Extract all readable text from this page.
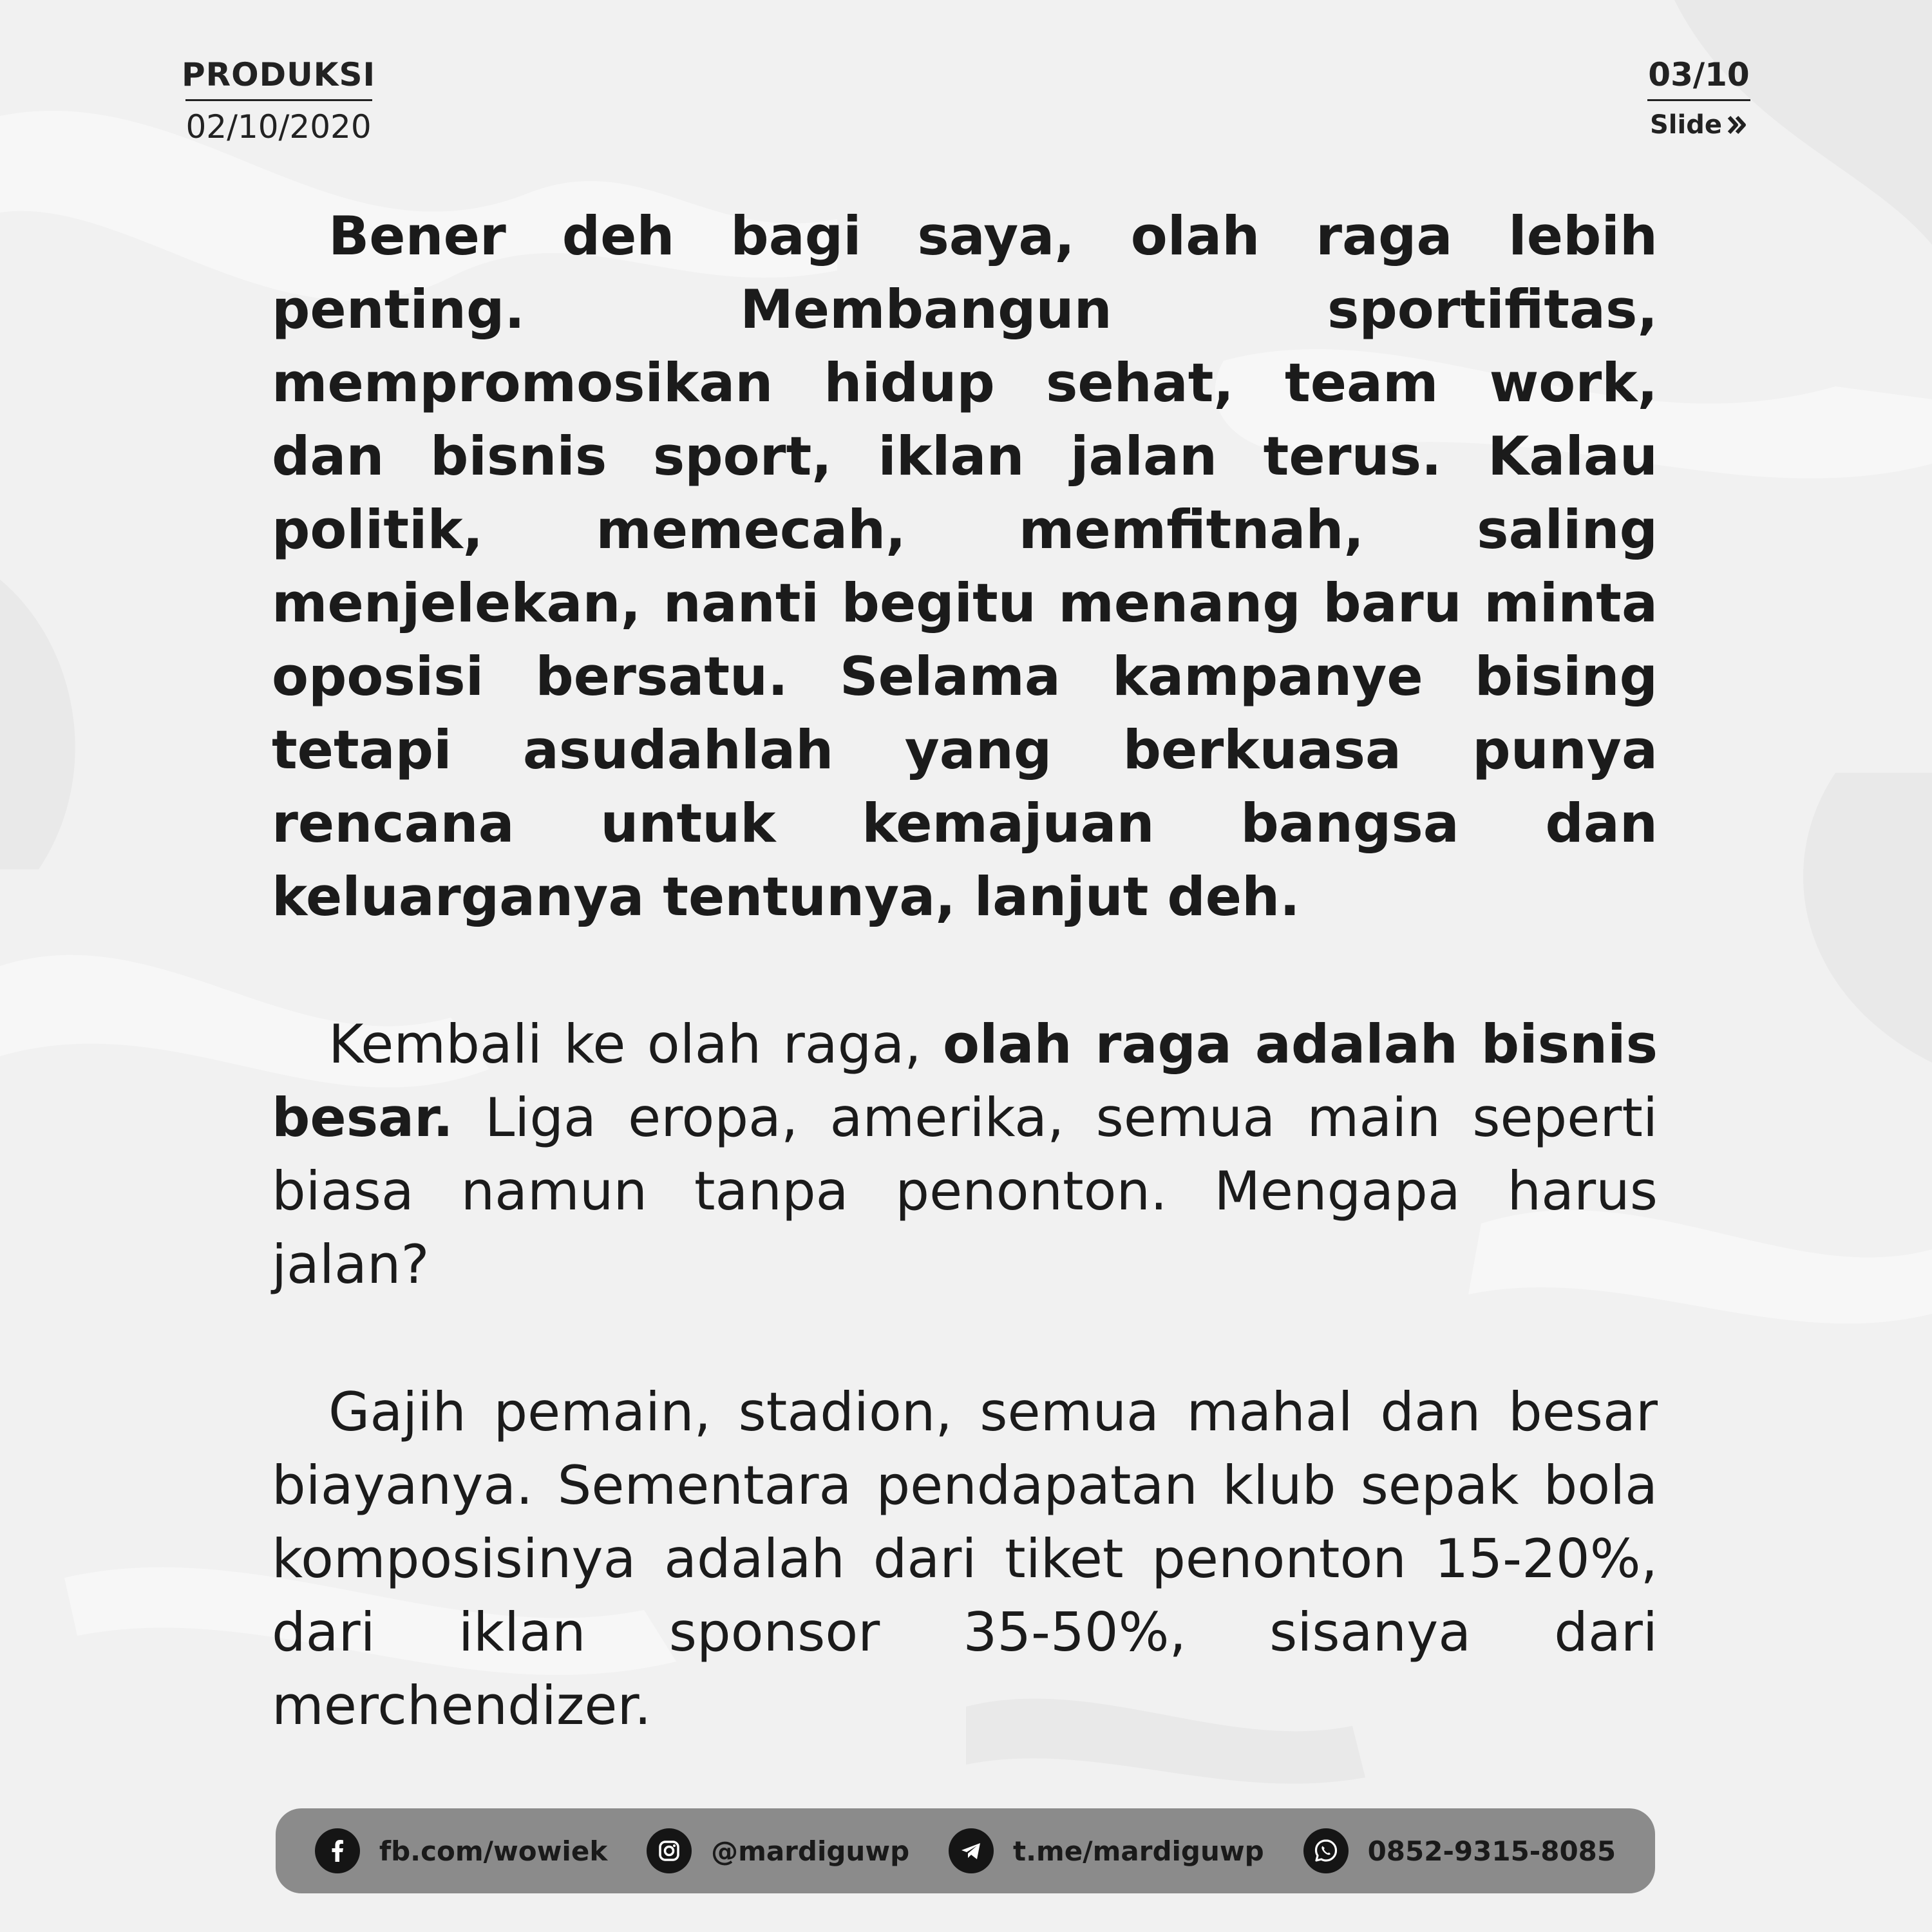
PRODUKSI
02/10/2020
03/10
Slide

Bener deh bagi saya, olah raga lebih penting. Membangun sportifitas, mempromosikan hidup sehat, team work, dan bisnis sport, iklan jalan terus. Kalau politik, memecah, memfitnah, saling menjelekan, nanti begitu menang baru minta oposisi bersatu. Selama kampanye bising tetapi asudahlah yang berkuasa punya rencana untuk kemajuan bangsa dan keluarganya tentunya, lanjut deh.

Kembali ke olah raga, olah raga adalah bisnis besar. Liga eropa, amerika, semua main seperti biasa namun tanpa penonton. Mengapa harus jalan?

Gajih pemain, stadion, semua mahal dan besar biayanya. Sementara pendapatan klub sepak bola komposisinya adalah dari tiket penonton 15-20%, dari iklan sponsor 35-50%, sisanya dari merchendizer.

fb.com/wowiek	@mardiguwp	t.me/mardiguwp	0852-9315-8085
